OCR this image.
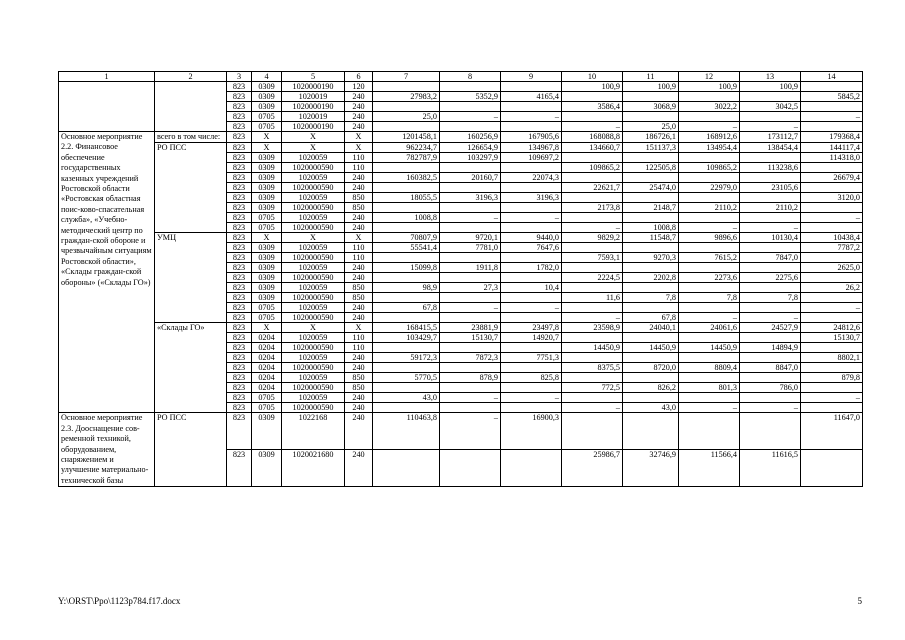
1	2	3	4	5	6	7	8	9	10	11	12	13	14
		823	0309	1020000190	120				100,9	100,9	100,9	100,9	
		823	0309	1020019	240	27983,2	5352,9	4165,4					5845,2
		823	0309	1020000190	240				3586,4	3068,9	3022,2	3042,5	
		823	0705	1020019	240	25,0	–	–					–
		823	0705	1020000190	240				–	25,0	–	–	
Основное мероприятие 2.2. Финансовое обеспечение государственных казенных учреждений Ростовской области «Ростовская областная поис-ково-спасательная служба», «Учебно-методический центр по граждан-ской обороне и чрезвычайным ситуациям Ростовской области», «Склады граждан-ской обороны» («Склады ГО»)	всего в том числе:	823	X	X	X	1201458,1	160256,9	167905,6	168088,8	186726,1	168912,6	173112,7	179368,4
	РО ПСС	823	X	X	X	962234,7	126654,9	134967,8	134660,7	151137,3	134954,4	138454,4	144117,4
		823	0309	1020059	110	782787,9	103297,9	109697,2					114318,0
		823	0309	1020000590	110				109865,2	122505,8	109865,2	113238,6	
		823	0309	1020059	240	160382,5	20160,7	22074,3					26679,4
		823	0309	1020000590	240				22621,7	25474,0	22979,0	23105,6	
		823	0309	1020059	850	18055,5	3196,3	3196,3					3120,0
		823	0309	1020000590	850				2173,8	2148,7	2110,2	2110,2	
		823	0705	1020059	240	1008,8	–	–					–
		823	0705	1020000590	240				–	1008,8	–	–	
	УМЦ	823	X	X	X	70807,9	9720,1	9440,0	9829,2	11548,7	9896,6	10130,4	10438,4
		823	0309	1020059	110	55541,4	7781,0	7647,6					7787,2
		823	0309	1020000590	110				7593,1	9270,3	7615,2	7847,0	
		823	0309	1020059	240	15099,8	1911,8	1782,0					2625,0
		823	0309	1020000590	240				2224,5	2202,8	2273,6	2275,6	
		823	0309	1020059	850	98,9	27,3	10,4					26,2
		823	0309	1020000590	850				11,6	7,8	7,8	7,8	
		823	0705	1020059	240	67,8	–	–					–
		823	0705	1020000590	240				–	67,8	–	–	
	«Склады ГО»	823	X	X	X	168415,5	23881,9	23497,8	23598,9	24040,1	24061,6	24527,9	24812,6
		823	0204	1020059	110	103429,7	15130,7	14920,7					15130,7
		823	0204	1020000590	110				14450,9	14450,9	14450,9	14894,9	
		823	0204	1020059	240	59172,3	7872,3	7751,3					8802,1
		823	0204	1020000590	240				8375,5	8720,0	8809,4	8847,0	
		823	0204	1020059	850	5770,5	878,9	825,8					879,8
		823	0204	1020000590	850				772,5	826,2	801,3	786,0	
		823	0705	1020059	240	43,0	–	–					–
		823	0705	1020000590	240				–	43,0	–	–	
Основное мероприятие 2.3. Дооснащение сов-ременной техникой, оборудованием, снаряжением и улучшение материально-технической базы	РО ПСС	823	0309	1022168	240	110463,8	–	16900,3					11647,0
		823	0309	1020021680	240				25986,7	32746,9	11566,4	11616,5	
Y:\ORST\Ppo\1123p784.f17.docx	5
